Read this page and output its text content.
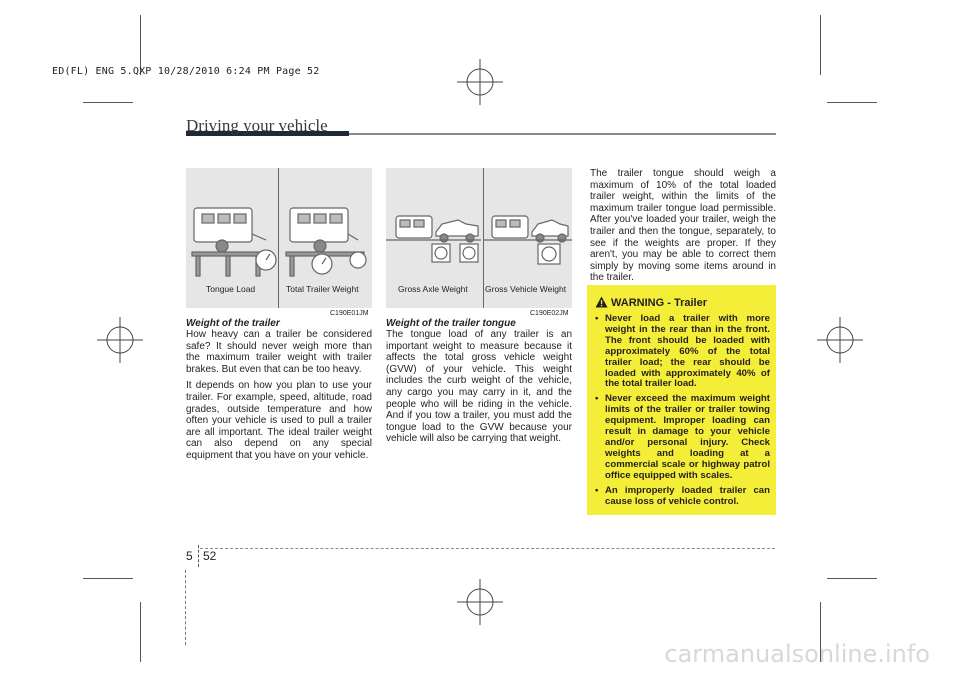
ED(FL) ENG 5.QXP 10/28/2010 6:24 PM Page 52
Driving your vehicle
Tongue Load	Total Trailer Weight
C190E01JM
Gross Axle Weight Gross Vehicle Weight
C190E02JM
Weight of the trailer

How heavy can a trailer be considered safe? It should never weigh more than the maximum trailer weight with trailer brakes. But even that can be too heavy.

It depends on how you plan to use your trailer. For example, speed, altitude, road grades, outside temperature and how often your vehicle is used to pull a trailer are all important. The ideal trailer weight can also depend on any special equipment that you have on your vehicle.

Weight of the trailer tongue

The tongue load of any trailer is an important weight to measure because it affects the total gross vehicle weight (GVW) of your vehicle. This weight includes the curb weight of the vehicle, any cargo you may carry in it, and the people who will be riding in the vehicle. And if you tow a trailer, you must add the tongue load to the GVW because your vehicle will also be carrying that weight.

The trailer tongue should weigh a maximum of 10% of the total loaded trailer weight, within the limits of the maximum trailer tongue load permissible. After you've loaded your trailer, weigh the trailer and then the tongue, separately, to see if the weights are proper. If they aren't, you may be able to correct them simply by moving some items around in the trailer.

WARNING - Trailer
• Never load a trailer with more weight in the rear than in the front. The front should be loaded with approximately 60% of the total trailer load; the rear should be loaded with approximately 40% of the total trailer load.
• Never exceed the maximum weight limits of the trailer or trailer towing equipment. Improper loading can result in damage to your vehicle and/or personal injury. Check weights and loading at a commercial scale or highway patrol office equipped with scales.
• An improperly loaded trailer can cause loss of vehicle control.
5 52
carmanualsonline.info
